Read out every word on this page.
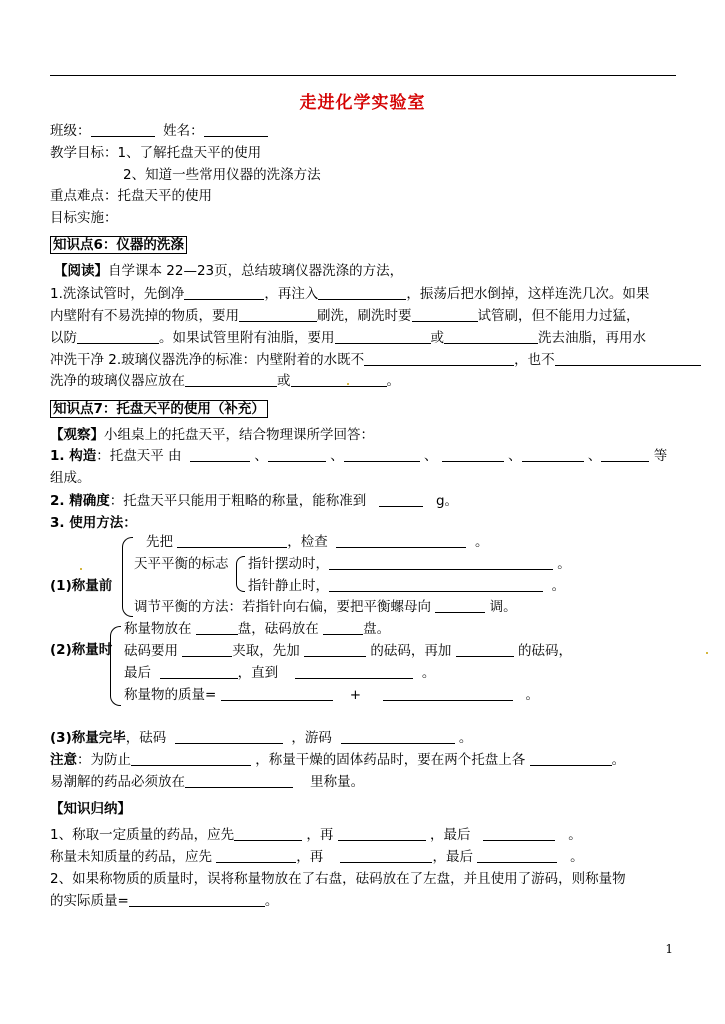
走进化学实验室
班级：	姓名：
教学目标：1、了解托盘天平的使用
2、知道一些常用仪器的洗涤方法
重点难点：托盘天平的使用
目标实施：
知识点6：仪器的洗涤
【阅读】自学课本 22—23页，总结玻璃仪器洗涤的方法，
1.洗涤试管时，先倒净	，再注入	，振荡后把水倒掉，这样连洗几次。如果
内壁附有不易洗掉的物质，要用	刷洗，刷洗时要	试管刷，但不能用力过猛，
以防	。如果试管里附有油脂，要用	或	洗去油脂，再用水
冲洗干净 2.玻璃仪器洗净的标准：内壁附着的水既不	，也不
洗净的玻璃仪器应放在	或	。
知识点7：托盘天平的使用（补充）
【观察】小组桌上的托盘天平，结合物理课所学回答：
1. 构造：托盘天平 由	、	、	、	、	、	等
组成。
2. 精确度：托盘天平只能用于粗略的称量，能称准到	g。
3. 使用方法：
(1)称量前
先把	，检查	。
天平平衡的标志 指针摆动时，	。
指针静止时，	。
调节平衡的方法：若指针向右偏，要把平衡螺母向	调。
(2)称量时
称量物放在	盘，砝码放在	盘。
砝码要用	夹取，先加	的砝码，再加	的砝码，
最后	，直到	。
称量物的质量=	+	。
(3)称量完毕，砝码	，游码	。
注意：为防止	，称量干燥的固体药品时，要在两个托盘上各	。
易潮解的药品必须放在	里称量。
【知识归纳】
1、称取一定质量的药品，应先	，再	，最后	。
称量未知质量的药品，应先	，再	，最后	。
2、如果称物质的质量时，误将称量物放在了右盘，砝码放在了左盘，并且使用了游码，则称量物
的实际质量=	。
1
